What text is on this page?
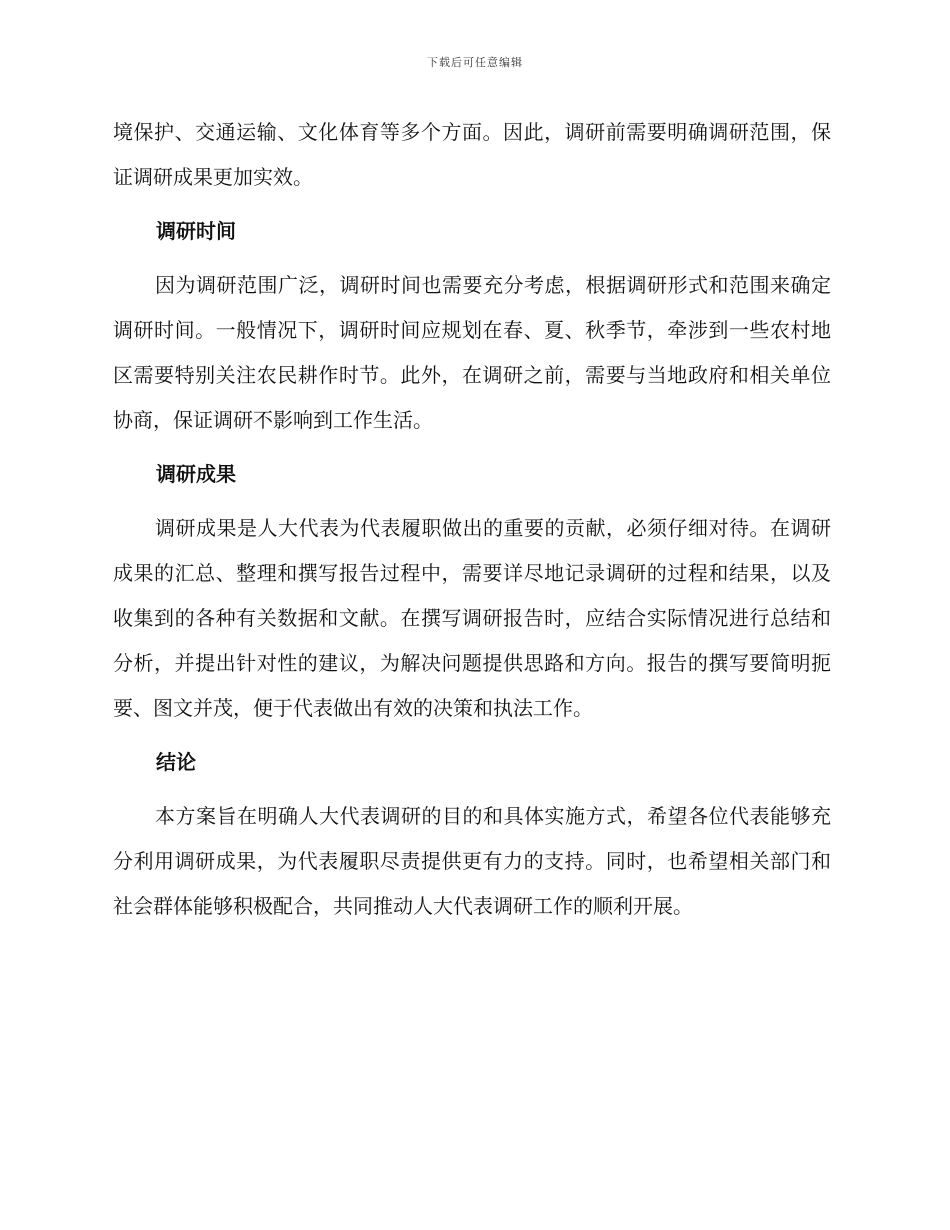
下载后可任意编辑

境保护、交通运输、文化体育等多个方面。因此，调研前需要明确调研范围，保证调研成果更加实效。

调研时间

因为调研范围广泛，调研时间也需要充分考虑，根据调研形式和范围来确定调研时间。一般情况下，调研时间应规划在春、夏、秋季节，牵涉到一些农村地区需要特别关注农民耕作时节。此外，在调研之前，需要与当地政府和相关单位协商，保证调研不影响到工作生活。

调研成果

调研成果是人大代表为代表履职做出的重要的贡献，必须仔细对待。在调研成果的汇总、整理和撰写报告过程中，需要详尽地记录调研的过程和结果，以及收集到的各种有关数据和文献。在撰写调研报告时，应结合实际情况进行总结和分析，并提出针对性的建议，为解决问题提供思路和方向。报告的撰写要简明扼要、图文并茂，便于代表做出有效的决策和执法工作。

结论

本方案旨在明确人大代表调研的目的和具体实施方式，希望各位代表能够充分利用调研成果，为代表履职尽责提供更有力的支持。同时，也希望相关部门和社会群体能够积极配合，共同推动人大代表调研工作的顺利开展。
